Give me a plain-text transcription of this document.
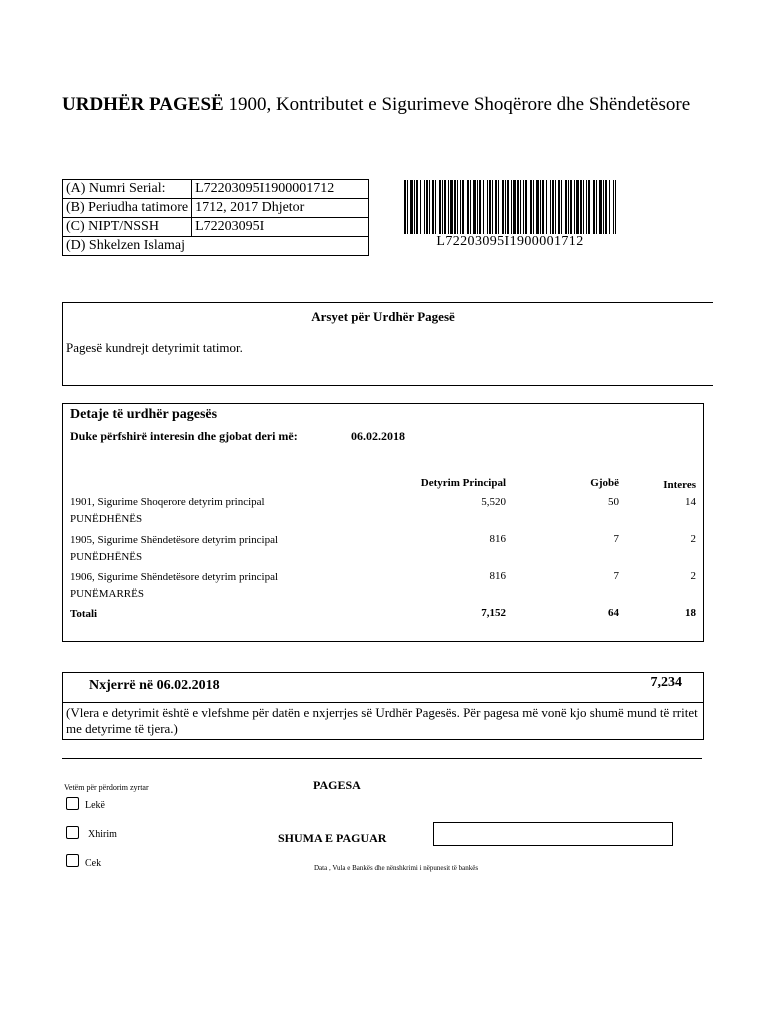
URDHËR PAGESË 1900, Kontributet e Sigurimeve Shoqërore dhe Shëndetësore
(A) Numri Serial:	L72203095I1900001712
(B) Periudha tatimore	1712, 2017 Dhjetor
(C) NIPT/NSSH	L72203095I
(D) Shkelzen Islamaj		L72203095I1900001712
Arsyet për Urdhër Pagesë
Pagesë kundrejt detyrimit tatimor.
Detaje të urdhër pagesës
Duke përfshirë interesin dhe gjobat deri më:	06.02.2018
Detyrim Principal	Gjobë	Interes
1901, Sigurime Shoqerore detyrim principal
PUNËDHËNËS
5,520	50	14
1905, Sigurime Shëndetësore detyrim principal
PUNËDHËNËS
816	7	2
1906, Sigurime Shëndetësore detyrim principal
PUNËMARRËS
816	7	2
Totali	7,152	64	18
Nxjerrë në 06.02.2018	7,234
(Vlera e detyrimit është e vlefshme për datën e nxjerrjes së Urdhër Pagesës. Për pagesa më vonë kjo shumë mund të rritet me detyrime të tjera.)
Vetëm për përdorim zyrtar
Lekë
Xhirim
Cek
PAGESA
SHUMA E PAGUAR
Data , Vula e Bankës dhe nënshkrimi i nëpunesit të bankës
